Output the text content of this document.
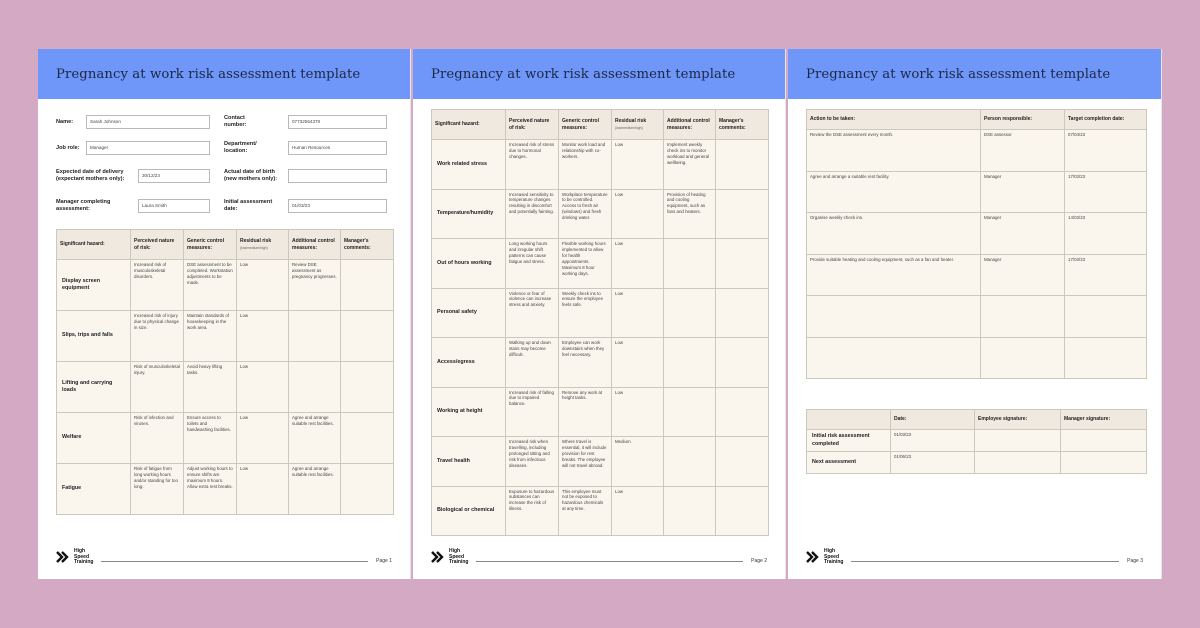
Pregnancy at work risk assessment template
Name:	Sarah Johnson
Contact
number:
07732564378
Job role:	Manager
Department/
location:
Human Resources
Expected date of delivery
(expectant mothers only):
30/12/23
Actual date of birth
(new mothers only):
Manager completing
assessment:
Laura Smith
Initial assessment
date:
01/03/23
Significant hazard:	Perceived nature of risk:	Generic control measures:	Residual risk
(low/medium/high)	Additional control measures:	Manager's comments:
Display screen equipment	Increased risk of musculoskeletal disorders.	DSE assessment to be completed. Workstation adjustments to be made.	Low	Review DSE assessment as pregnancy progresses.	
Slips, trips and falls	Increased risk of injury due to physical change in size.	Maintain standards of housekeeping in the work area.	Low		
Lifting and carrying loads	Risk of musculoskeletal injury.	Avoid heavy lifting tasks.	Low		
Welfare	Risk of infection and viruses.	Ensure access to toilets and handwashing facilities.	Low	Agree and arrange suitable rest facilities.	
Fatigue	Risk of fatigue from long working hours and/or standing for too long.	Adjust working hours to ensure shifts are maximum 8 hours. Allow extra rest breaks.	Low	Agree and arrange suitable rest facilities.	
High
Speed
Training	Page 1
Pregnancy at work risk assessment template
Significant hazard:	Perceived nature of risk:	Generic control measures:	Residual risk
(low/medium/high)	Additional control measures:	Manager's comments:
Work related stress	Increased risk of stress due to hormonal changes.	Monitor work load and relationship with co-workers.	Low	Implement weekly check ins to monitor workload and general wellbeing.	
Temperature/humidity	Increased sensitivity to temperature changes resulting in discomfort and potentially fainting.	Workplace temperature to be controlled. Access to fresh air (windows) and fresh drinking water.	Low	Provision of heating and cooling equipment, such as fans and heaters.	
Out of hours working	Long working hours and irregular shift patterns can cause fatigue and stress.	Flexible working hours implemented to allow for health appointments. Maximum 8 hour working days.	Low		
Personal safety	Violence or fear of violence can increase stress and anxiety.	Weekly check ins to ensure the employee feels safe.	Low		
Access/egress	Walking up and down stairs may become difficult.	Employee can work downstairs when they feel necessary.	Low		
Working at height	Increased risk of falling due to impaired balance.	Remove any work at height tasks.	Low		
Travel health	Increased risk when travelling, including prolonged sitting and risk from infectious diseases.	Where travel is essential, it will include provision for rest breaks. The employee will not travel abroad.	Medium		
Biological or chemical	Exposure to hazardous substances can increase the risk of illness.	This employee must not be exposed to hazardous chemicals at any time.	Low		
High
Speed
Training	Page 2
Pregnancy at work risk assessment template
Action to be taken:	Person responsible:	Target completion date:
Review the DSE assessment every month.	DSE assessor	07/04/23
Agree and arrange a suitable rest facility.	Manager	17/03/23
Organise weekly check ins.	Manager	14/03/23
Provide suitable heating and cooling equipment, such as a fan and heater.	Manager	17/03/23

	Date:	Employee signature:	Manager signature:
Initial risk assessment completed	01/03/23		
Next assessment	01/06/23		
High
Speed
Training	Page 3
